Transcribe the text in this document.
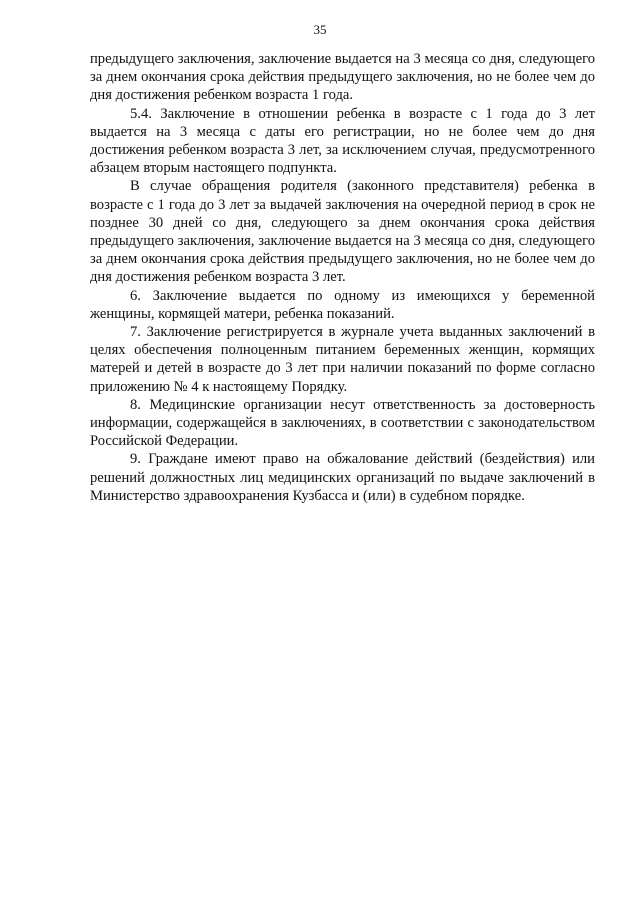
35

предыдущего заключения, заключение выдается на 3 месяца со дня, следующего за днем окончания срока действия предыдущего заключения, но не более чем до дня достижения ребенком возраста 1 года.

5.4. Заключение в отношении ребенка в возрасте с 1 года до 3 лет выдается на 3 месяца с даты его регистрации, но не более чем до дня достижения ребенком возраста 3 лет, за исключением случая, предусмотренного абзацем вторым настоящего подпункта.

В случае обращения родителя (законного представителя) ребенка в возрасте с 1 года до 3 лет за выдачей заключения на очередной период в срок не позднее 30 дней со дня, следующего за днем окончания срока действия предыдущего заключения, заключение выдается на 3 месяца со дня, следующего за днем окончания срока действия предыдущего заключения, но не более чем до дня достижения ребенком возраста 3 лет.

6. Заключение выдается по одному из имеющихся у беременной женщины, кормящей матери, ребенка показаний.

7. Заключение регистрируется в журнале учета выданных заключений в целях обеспечения полноценным питанием беременных женщин, кормящих матерей и детей в возрасте до 3 лет при наличии показаний по форме согласно приложению № 4 к настоящему Порядку.

8. Медицинские организации несут ответственность за достоверность информации, содержащейся в заключениях, в соответствии с законодательством Российской Федерации.

9. Граждане имеют право на обжалование действий (бездействия) или решений должностных лиц медицинских организаций по выдаче заключений в Министерство здравоохранения Кузбасса и (или) в судебном порядке.
